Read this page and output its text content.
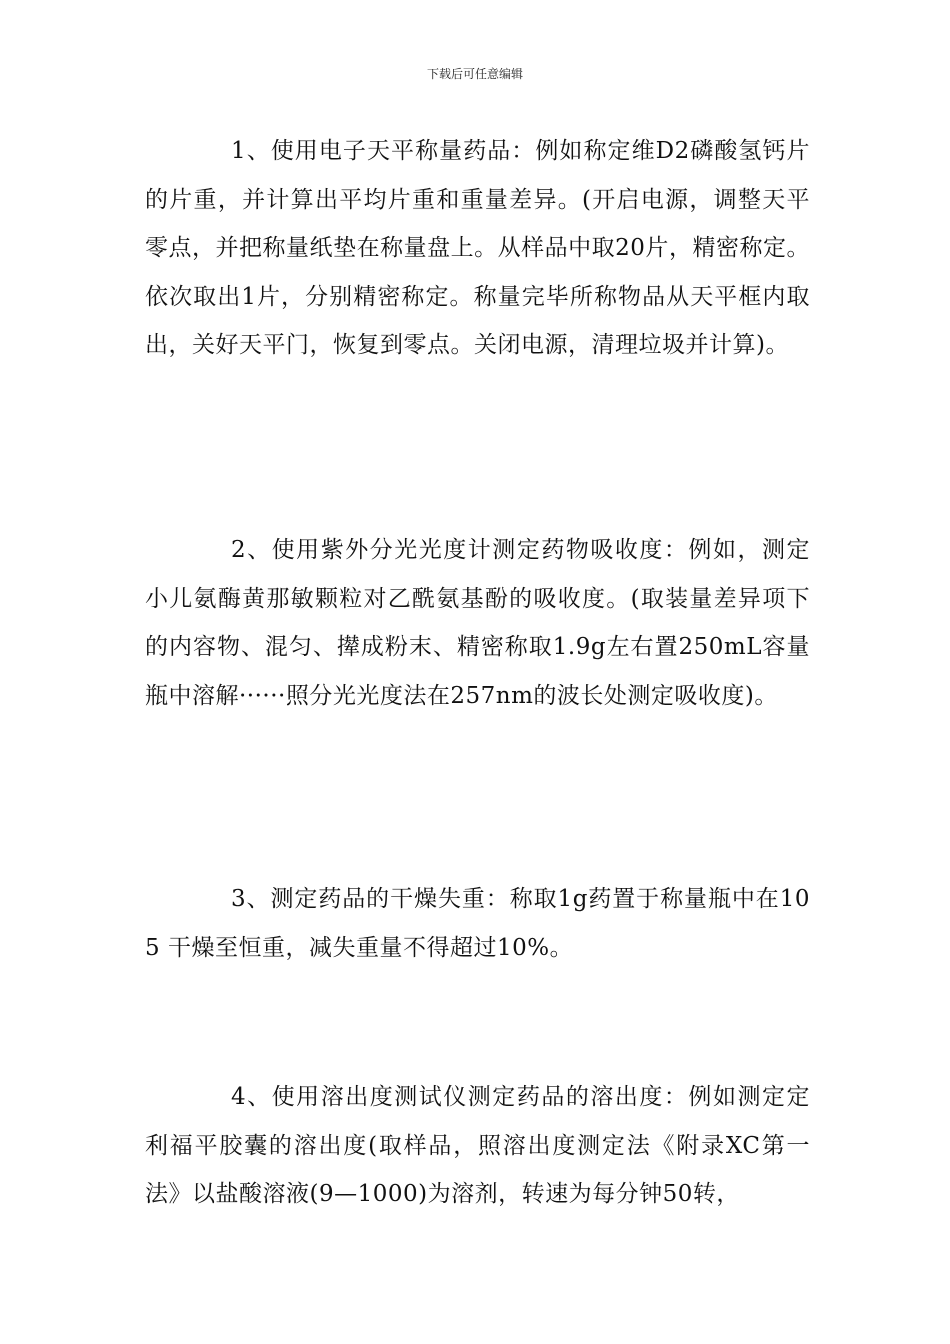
下载后可任意编辑

1、使用电子天平称量药品：例如称定维D2磷酸氢钙片的片重，并计算出平均片重和重量差异。(开启电源，调整天平零点，并把称量纸垫在称量盘上。从样品中取20片，精密称定。依次取出1片，分别精密称定。称量完毕所称物品从天平框内取出，关好天平门，恢复到零点。关闭电源，清理垃圾并计算)。

2、使用紫外分光光度计测定药物吸收度：例如，测定小儿氨酶黄那敏颗粒对乙酰氨基酚的吸收度。(取装量差异项下的内容物、混匀、撵成粉末、精密称取1.9g左右置250mL容量瓶中溶解······照分光光度法在257nm的波长处测定吸收度)。

3、测定药品的干燥失重：称取1g药置于称量瓶中在105 干燥至恒重，减失重量不得超过10%。

4、使用溶出度测试仪测定药品的溶出度：例如测定定利福平胶囊的溶出度(取样品，照溶出度测定法《附录XC第一法》以盐酸溶液(9—1000)为溶剂，转速为每分钟50转，
